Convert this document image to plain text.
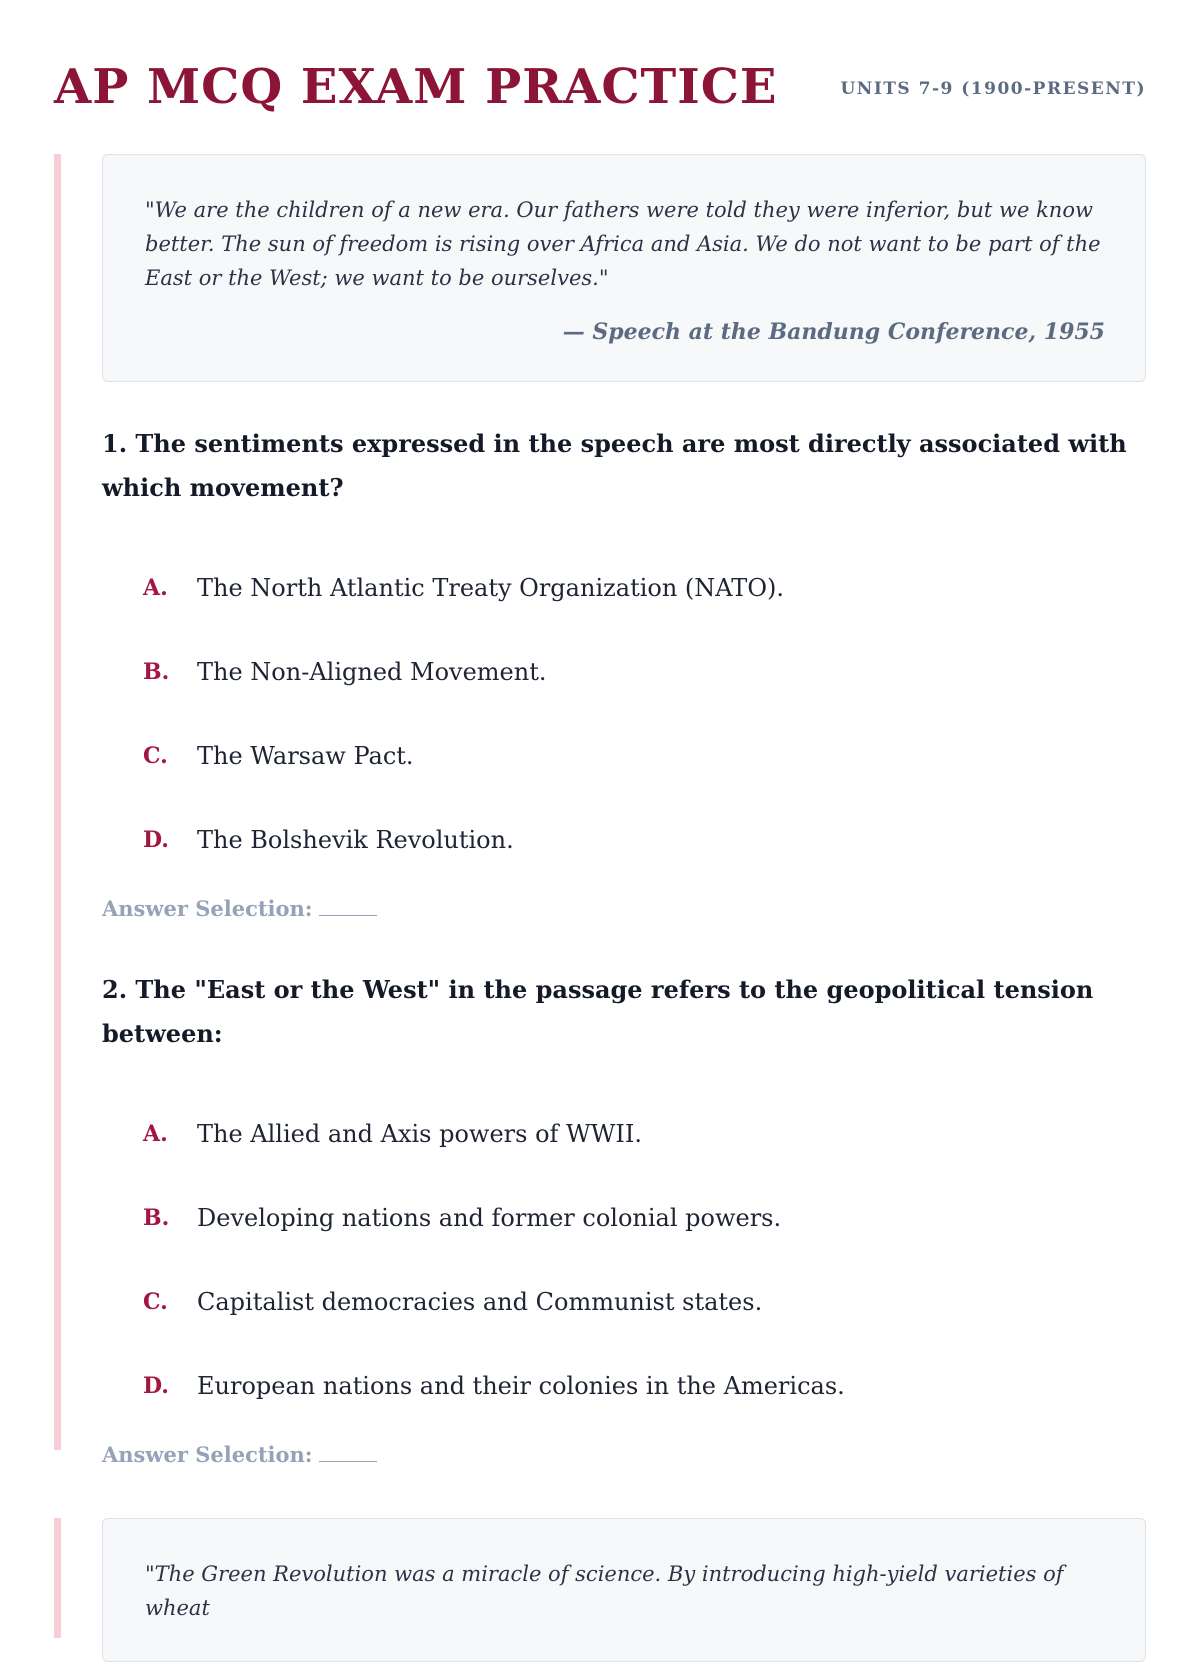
AP MCQ EXAM PRACTICE	UNITS 7-9 (1900-PRESENT)

"We are the children of a new era. Our fathers were told they were inferior, but we know better. The sun of freedom is rising over Africa and Asia. We do not want to be part of the East or the West; we want to be ourselves."

— Speech at the Bandung Conference, 1955

1. The sentiments expressed in the speech are most directly associated with which movement?

A.	The North Atlantic Treaty Organization (NATO).
B.	The Non-Aligned Movement.
C.	The Warsaw Pact.
D.	The Bolshevik Revolution.
Answer Selection:

2. The "East or the West" in the passage refers to the geopolitical tension between:

A.	The Allied and Axis powers of WWII.
B.	Developing nations and former colonial powers.
C.	Capitalist democracies and Communist states.
D.	European nations and their colonies in the Americas.
Answer Selection:

"The Green Revolution was a miracle of science. By introducing high-yield varieties of wheat
